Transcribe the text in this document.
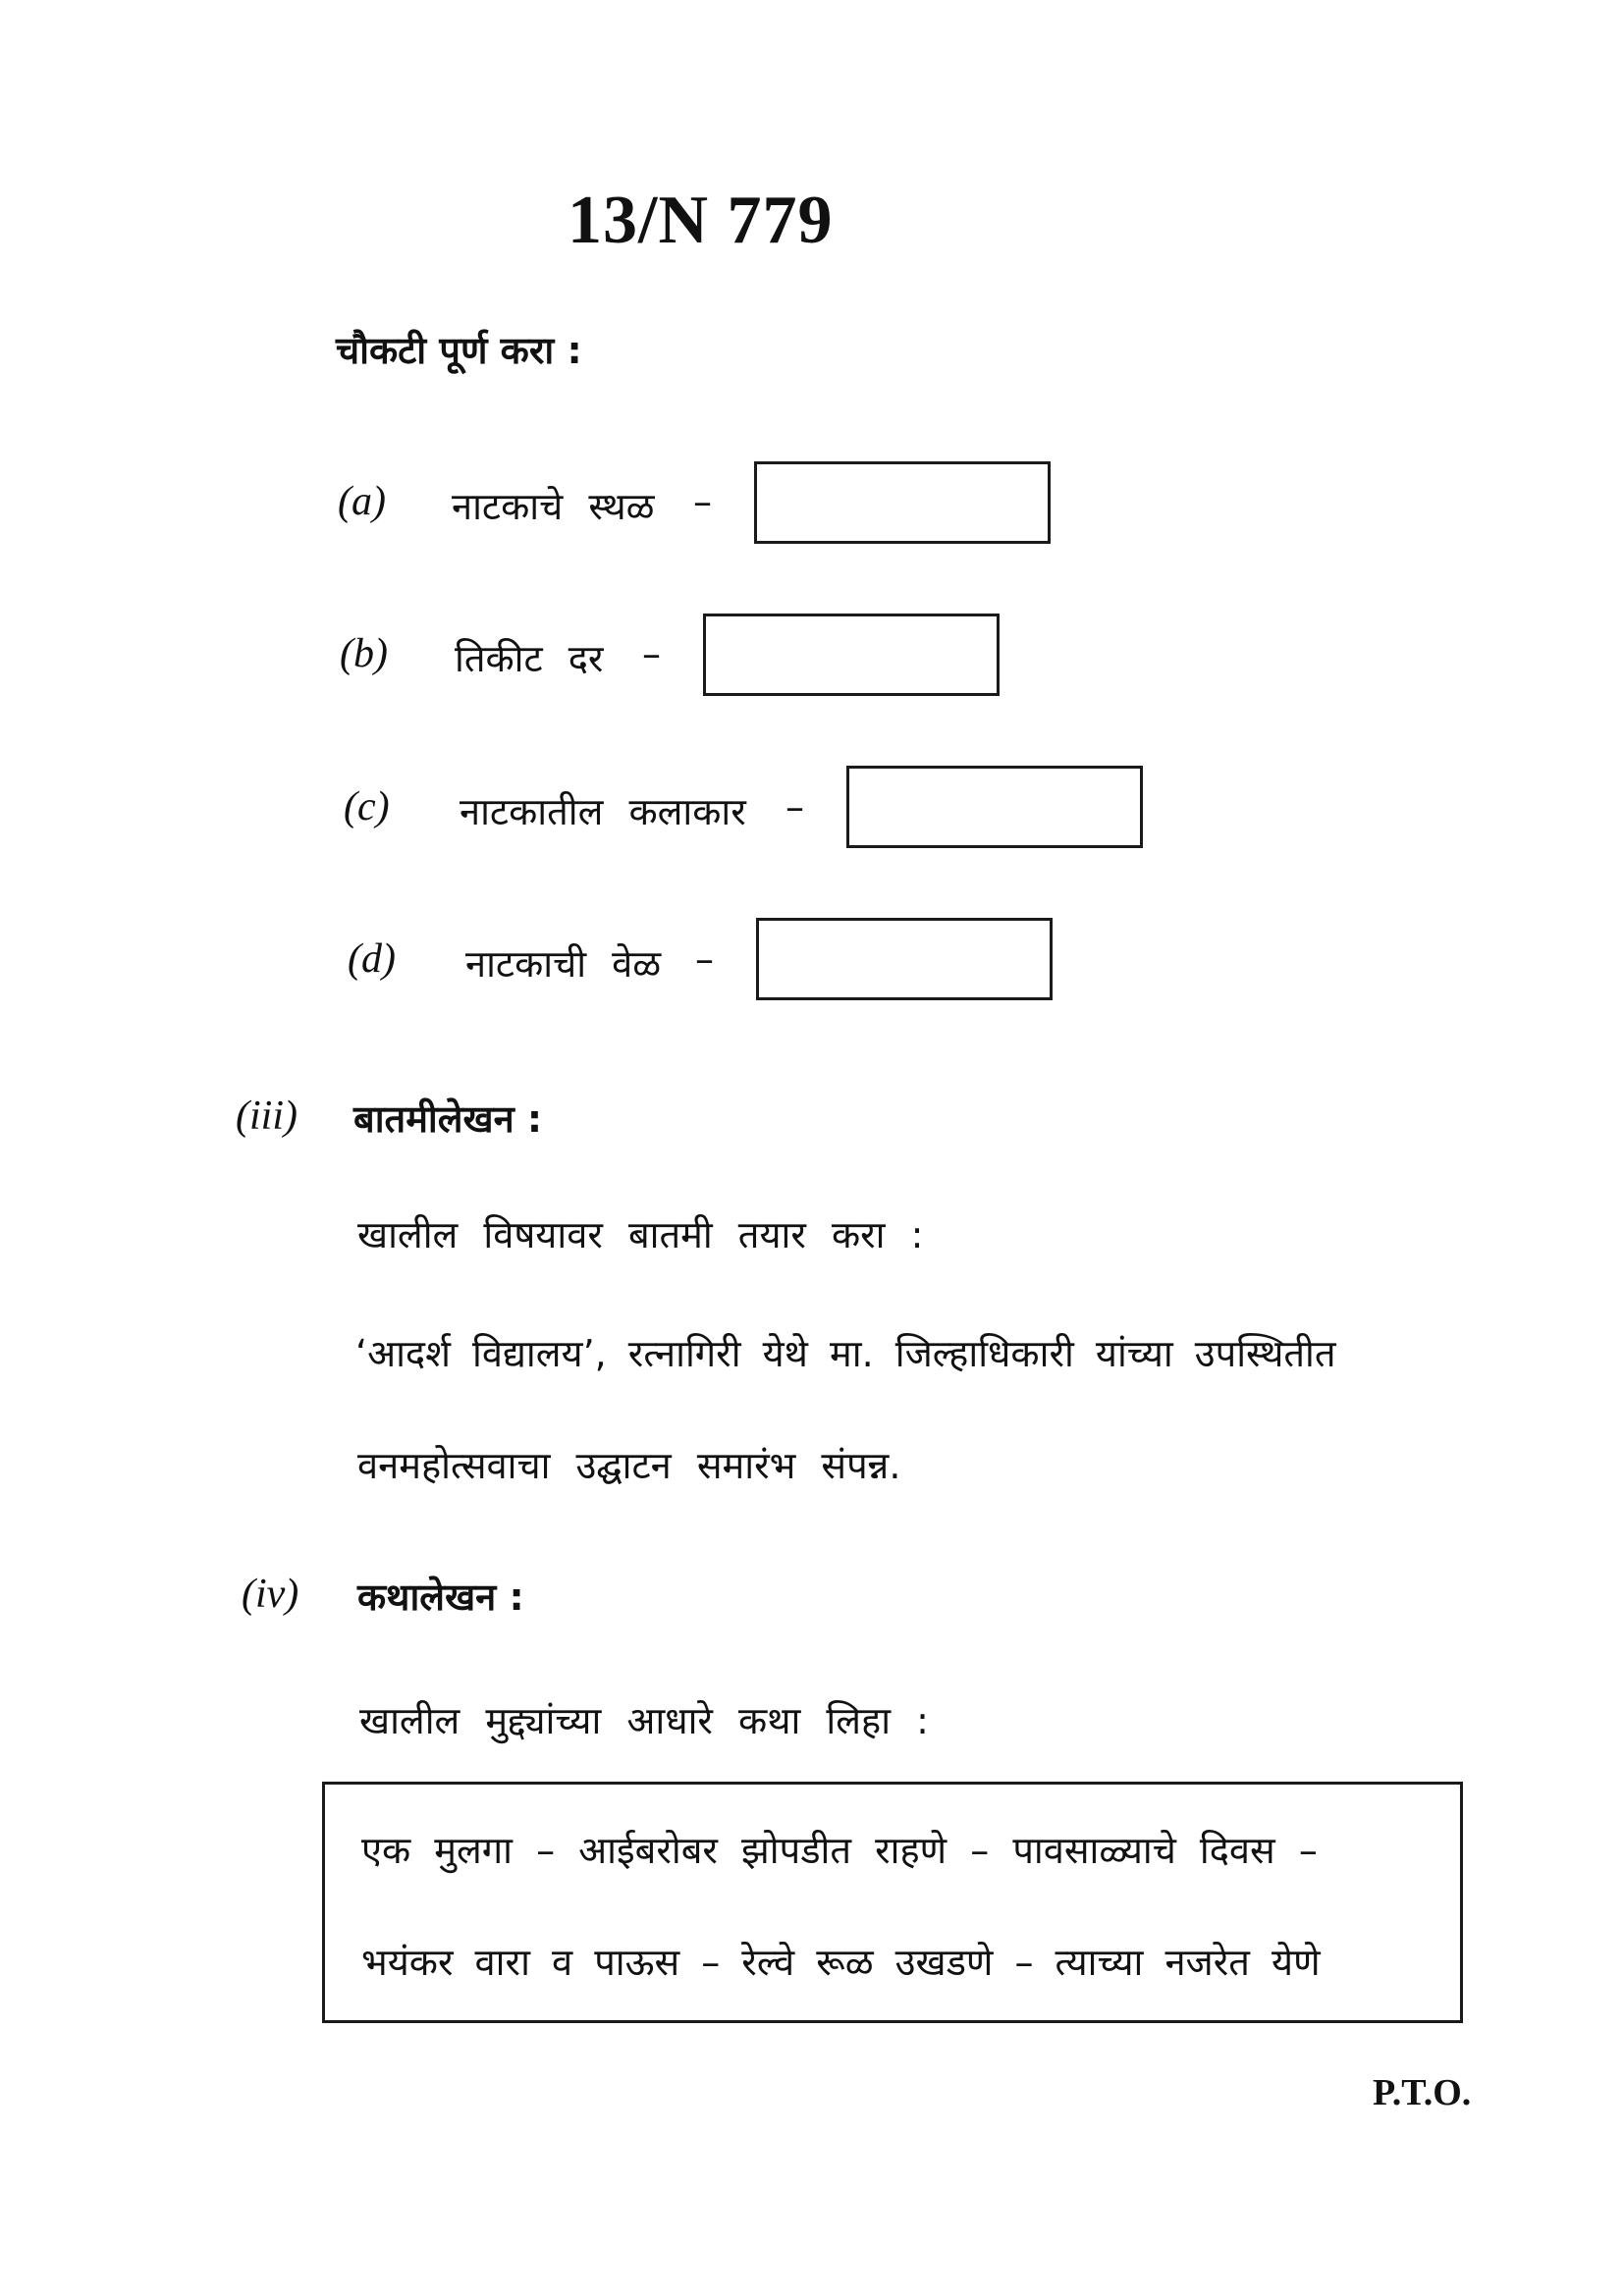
13/N 779
चौकटी पूर्ण करा :
(a) नाटकाचे स्थळ –
(b) तिकीट दर –
(c) नाटकातील कलाकार –
(d) नाटकाची वेळ –
(iii) बातमीलेखन :
खालील विषयावर बातमी तयार करा :
‘आदर्श विद्यालय’, रत्नागिरी येथे मा. जिल्हाधिकारी यांच्या उपस्थितीत
वनमहोत्सवाचा उद्घाटन समारंभ संपन्न.
(iv) कथालेखन :
खालील मुद्द्यांच्या आधारे कथा लिहा :
एक मुलगा – आईबरोबर झोपडीत राहणे – पावसाळ्याचे दिवस –
भयंकर वारा व पाऊस – रेल्वे रूळ उखडणे – त्याच्या नजरेत येणे
P.T.O.
